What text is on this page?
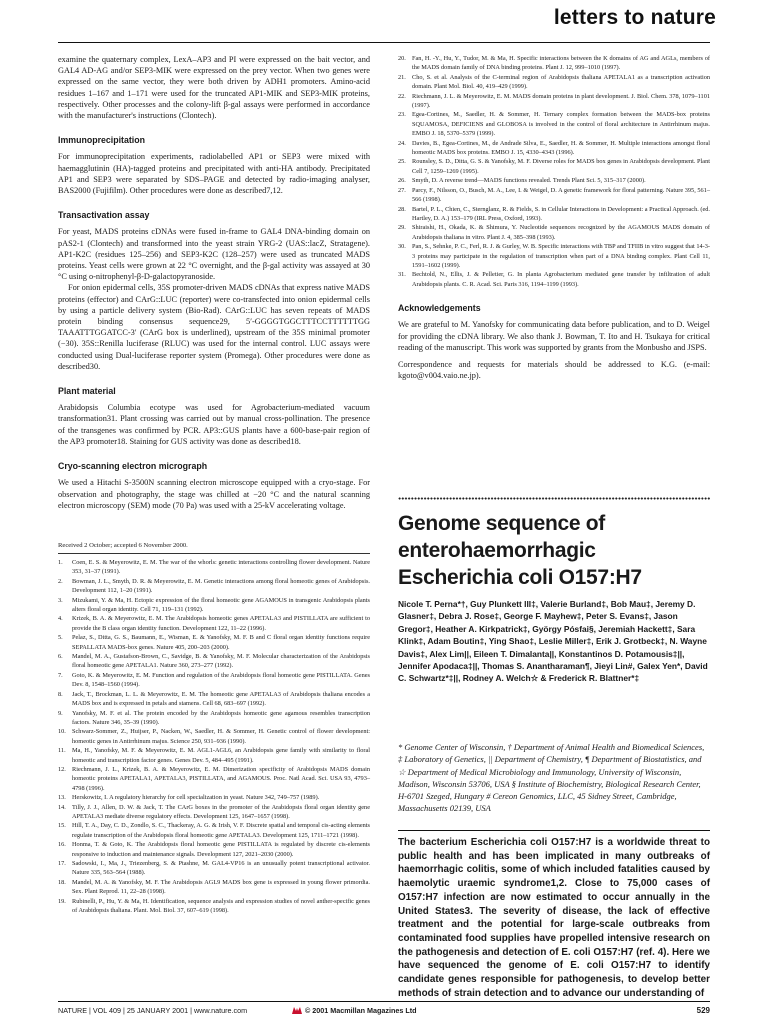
letters to nature

examine the quaternary complex, LexA–AP3 and PI were expressed on the bait vector, and GAL4 AD-AG and/or SEP3-MIK were expressed on the prey vector. When two genes were expressed on the same vector, they were both driven by ADH1 promoters. Amino-acid residues 1–167 and 1–171 were used for the truncated AP1-MIK and SEP3-MIK proteins, respectively. Other processes and the colony-lift β-gal assays were performed in accordance with the manufacturer's instructions (Clontech).

Immunoprecipitation

For immunoprecipitation experiments, radiolabelled AP1 or SEP3 were mixed with haemagglutinin (HA)-tagged proteins and precipitated with anti-HA antibody. Precipitated AP1 and SEP3 were separated by SDS–PAGE and detected by radio-imaging analyser, BAS2000 (Fujifilm). Other procedures were done as described7,12.

Transactivation assay

For yeast, MADS proteins cDNAs were fused in-frame to GAL4 DNA-binding domain on pAS2-1 (Clontech) and transformed into the yeast strain YRG-2 (UAS::lacZ, Stratagene). AP1-K2C (residues 125–256) and SEP3-K2C (128–257) were used as truncated MADS proteins. Yeast cells were grown at 22 °C overnight, and the β-gal activity was assayed at 30 °C using o-nitrophenyl-β-D-galactopyranoside.

For onion epidermal cells, 35S promoter-driven MADS cDNAs that express native MADS proteins (effector) and CArG::LUC (reporter) were co-transfected into onion epidermal cells by using a particle delivery system (Bio-Rad). CArG::LUC has seven repeats of MADS protein binding consensus sequence29, 5′-GGGGTGGCTTTCCTTTTTTGG TAAATTTGGATCC-3′ (CArG box is underlined), upstream of the 35S minimal promoter (−30). 35S::Renilla luciferase (RLUC) was used for the internal control. LUC assays were conducted using Dual-luciferase reporter system (Promega). Other procedures were done as described30.

Plant material

Arabidopsis Columbia ecotype was used for Agrobacterium-mediated vacuum transformation31. Plant crossing was carried out by manual cross-pollination. The presence of the transgenes was confirmed by PCR. AP3::GUS plants have a 600-base-pair region of the AP3 promoter18. Staining for GUS activity was done as described18.

Cryo-scanning electron micrograph

We used a Hitachi S-3500N scanning electron microscope equipped with a cryo-stage. For observation and photography, the stage was chilled at −20 °C and the natural scanning electron microscopy (SEM) mode (70 Pa) was used with a 25-kV accelerating voltage.

Received 2 October; accepted 6 November 2000.
1. Coen, E. S. & Meyerowitz, E. M. The war of the whorls: genetic interactions controlling flower development. Nature 353, 31–37 (1991).
2. Bowman, J. L., Smyth, D. R. & Meyerowitz, E. M. Genetic interactions among floral homeotic genes of Arabidopsis. Development 112, 1–20 (1991).
3. Mizukami, Y. & Ma, H. Ectopic expression of the floral homeotic gene AGAMOUS in transgenic Arabidopsis plants alters floral organ identity. Cell 71, 119–131 (1992).
4. Krizek, B. A. & Meyerowitz, E. M. The Arabidopsis homeotic genes APETALA3 and PISTILLATA are sufficient to provide the B class organ identity function. Development 122, 11–22 (1996).
5. Pelaz, S., Ditta, G. S., Baumann, E., Wisman, E. & Yanofsky, M. F. B and C floral organ identity functions require SEPALLATA MADS-box genes. Nature 405, 200–203 (2000).
6. Mandel, M. A., Gustafson-Brown, C., Savidge, B. & Yanofsky, M. F. Molecular characterization of the Arabidopsis floral homeotic gene APETALA1. Nature 360, 273–277 (1992).
7. Goto, K. & Meyerowitz, E. M. Function and regulation of the Arabidopsis floral homeotic gene PISTILLATA. Genes Dev. 8, 1548–1560 (1994).
8. Jack, T., Brockman, L. L. & Meyerowitz, E. M. The homeotic gene APETALA3 of Arabidopsis thaliana encodes a MADS box and is expressed in petals and stamens. Cell 68, 683–697 (1992).
9. Yanofsky, M. F. et al. The protein encoded by the Arabidopsis homeotic gene agamous resembles transcription factors. Nature 346, 35–39 (1990).
10. Schwarz-Sommer, Z., Huijser, P., Nacken, W., Saedler, H. & Sommer, H. Genetic control of flower development: homeotic genes in Antirrhinum majus. Science 250, 931–936 (1990).
11. Ma, H., Yanofsky, M. F. & Meyerowitz, E. M. AGL1-AGL6, an Arabidopsis gene family with similarity to floral homeotic and transcription factor genes. Genes Dev. 5, 484–495 (1991).
12. Riechmann, J. L., Krizek, B. A. & Meyerowitz, E. M. Dimerization specificity of Arabidopsis MADS domain homeotic proteins APETALA1, APETALA3, PISTILLATA, and AGAMOUS. Proc. Natl Acad. Sci. USA 93, 4793–4798 (1996).
13. Herskowitz, I. A regulatory hierarchy for cell specialization in yeast. Nature 342, 749–757 (1989).
14. Tilly, J. J., Allen, D. W. & Jack, T. The CArG boxes in the promoter of the Arabidopsis floral organ identity gene APETALA3 mediate diverse regulatory effects. Development 125, 1647–1657 (1998).
15. Hill, T. A., Day, C. D., Zondlo, S. C., Thackeray, A. G. & Irish, V. F. Discrete spatial and temporal cis-acting elements regulate transcription of the Arabidopsis floral homeotic gene APETALA3. Development 125, 1711–1721 (1998).
16. Honma, T. & Goto, K. The Arabidopsis floral homeotic gene PISTILLATA is regulated by discrete cis-elements responsive to induction and maintenance signals. Development 127, 2021–2030 (2000).
17. Sadowski, I., Ma, J., Triezenberg, S. & Ptashne, M. GAL4-VP16 is an unusually potent transcriptional activator. Nature 335, 563–564 (1988).
18. Mandel, M. A. & Yanofsky, M. F. The Arabidopsis AGL9 MADS box gene is expressed in young flower primordia. Sex. Plant Reprod. 11, 22–28 (1998).
19. Rubinelli, P., Hu, Y. & Ma, H. Identification, sequence analysis and expression studies of novel anther-specific genes of Arabidopsis thaliana. Plant. Mol. Biol. 37, 607–619 (1998).
20. Fan, H. -Y., Hu, Y., Tudor, M. & Ma, H. Specific interactions between the K domains of AG and AGLs, members of the MADS domain family of DNA binding proteins. Plant J. 12, 999–1010 (1997).
21. Cho, S. et al. Analysis of the C-terminal region of Arabidopsis thaliana APETALA1 as a transcription activation domain. Plant Mol. Biol. 40, 419–429 (1999).
22. Riechmann, J. L. & Meyerowitz, E. M. MADS domain proteins in plant development. J. Biol. Chem. 378, 1079–1101 (1997).
23. Egea-Cortines, M., Saedler, H. & Sommer, H. Ternary complex formation between the MADS-box proteins SQUAMOSA, DEFICIENS and GLOBOSA is involved in the control of floral architecture in Antirrhinum majus. EMBO J. 18, 5370–5379 (1999).
24. Davies, B., Egea-Cortines, M., de Andrade Silva, E., Saedler, H. & Sommer, H. Multiple interactions amongst floral homeotic MADS box proteins. EMBO J. 15, 4330–4343 (1996).
25. Rounsley, S. D., Ditta, G. S. & Yanofsky, M. F. Diverse roles for MADS box genes in Arabidopsis development. Plant Cell 7, 1259–1269 (1995).
26. Smyth, D. A reverse trend—MADS functions revealed. Trends Plant Sci. 5, 315–317 (2000).
27. Parcy, F., Nilsson, O., Busch, M. A., Lee, I. & Weigel, D. A genetic framework for floral patterning. Nature 395, 561–566 (1998).
28. Bartel, P. L., Chien, C., Sternglanz, R. & Fields, S. in Cellular Interactions in Development: a Practical Approach. (ed. Hartley, D. A.) 153–179 (IRL Press, Oxford, 1993).
29. Shiraishi, H., Okada, K. & Shimura, Y. Nucleotide sequences recognized by the AGAMOUS MADS domain of Arabidopsis thaliana in vitro. Plant J. 4, 385–398 (1993).
30. Pan, S., Sehnke, P. C., Ferl, R. J. & Gurley, W. B. Specific interactions with TBP and TFIIB in vitro suggest that 14-3-3 proteins may participate in the regulation of transcription when part of a DNA binding complex. Plant Cell 11, 1591–1602 (1999).
31. Bechtold, N., Ellis, J. & Pelletier, G. In planta Agrobacterium mediated gene transfer by infiltration of adult Arabidopsis plants. C. R. Acad. Sci. Paris 316, 1194–1199 (1993).
Acknowledgements

We are grateful to M. Yanofsky for communicating data before publication, and to D. Weigel for providing the cDNA library. We also thank J. Bowman, T. Ito and H. Tsukaya for critical reading of the manuscript. This work was supported by grants from the Monbusho and JSPS.

Correspondence and requests for materials should be addressed to K.G. (e-mail: kgoto@v004.vaio.ne.jp).

Genome sequence of
enterohaemorrhagic
Escherichia coli O157:H7
Nicole T. Perna*†, Guy Plunkett III‡, Valerie Burland‡, Bob Mau‡, Jeremy D. Glasner‡, Debra J. Rose‡, George F. Mayhew‡, Peter S. Evans‡, Jason Gregor‡, Heather A. Kirkpatrick‡, György Pósfai§, Jeremiah Hackett‡, Sara Klink‡, Adam Boutin‡, Ying Shao‡, Leslie Miller‡, Erik J. Grotbeck‡, N. Wayne Davis‡, Alex Lim||, Eileen T. Dimalanta||, Konstantinos D. Potamousis‡||, Jennifer Apodaca‡||, Thomas S. Anantharaman¶, Jieyi Lin#, Galex Yen*, David C. Schwartz*‡||, Rodney A. Welch☆ & Frederick R. Blattner*‡
* Genome Center of Wisconsin, † Department of Animal Health and Biomedical Sciences, ‡ Laboratory of Genetics, || Department of Chemistry, ¶ Department of Biostatistics, and ☆ Department of Medical Microbiology and Immunology, University of Wisconsin, Madison, Wisconsin 53706, USA § Institute of Biochemistry, Biological Research Center, H-6701 Szeged, Hungary # Cereon Genomics, LLC, 45 Sidney Street, Cambridge, Massachusetts 02139, USA
The bacterium Escherichia coli O157:H7 is a worldwide threat to public health and has been implicated in many outbreaks of haemorrhagic colitis, some of which included fatalities caused by haemolytic uraemic syndrome1,2. Close to 75,000 cases of O157:H7 infection are now estimated to occur annually in the United States3. The severity of disease, the lack of effective treatment and the potential for large-scale outbreaks from contaminated food supplies have propelled intensive research on the pathogenesis and detection of E. coli O157:H7 (ref. 4). Here we have sequenced the genome of E. coli O157:H7 to identify candidate genes responsible for pathogenesis, to develop better methods of strain detection and to advance our understanding of
NATURE | VOL 409 | 25 JANUARY 2001 | www.nature.com	© 2001 Macmillan Magazines Ltd	529
